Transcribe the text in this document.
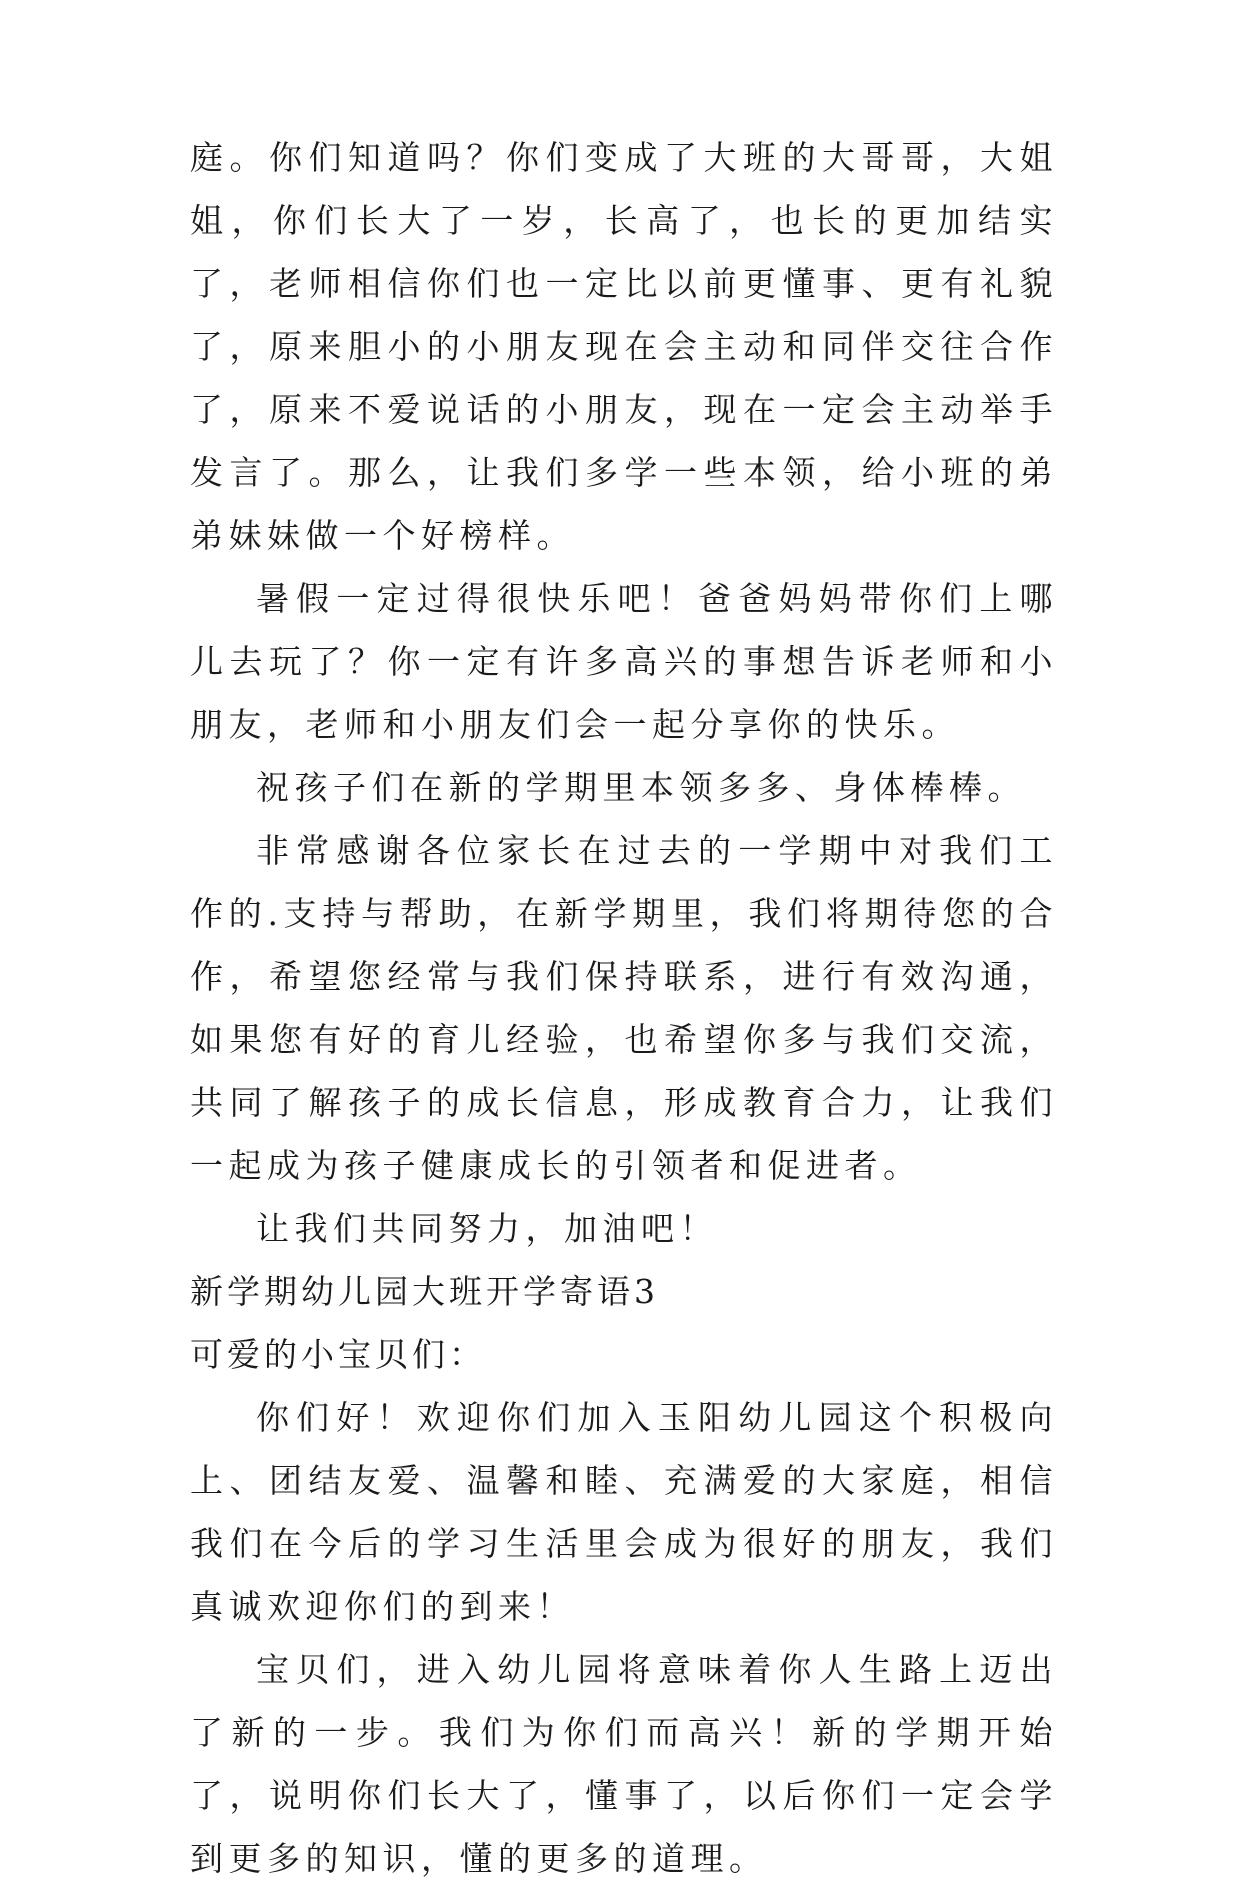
庭。你们知道吗？你们变成了大班的大哥哥，大姐姐，你们长大了一岁，长高了，也长的更加结实了，老师相信你们也一定比以前更懂事、更有礼貌了，原来胆小的小朋友现在会主动和同伴交往合作了，原来不爱说话的小朋友，现在一定会主动举手发言了。那么，让我们多学一些本领，给小班的弟弟妹妹做一个好榜样。

暑假一定过得很快乐吧！爸爸妈妈带你们上哪儿去玩了？你一定有许多高兴的事想告诉老师和小朋友，老师和小朋友们会一起分享你的快乐。

祝孩子们在新的学期里本领多多、身体棒棒。

非常感谢各位家长在过去的一学期中对我们工作的.支持与帮助，在新学期里，我们将期待您的合作，希望您经常与我们保持联系，进行有效沟通，如果您有好的育儿经验，也希望你多与我们交流，共同了解孩子的成长信息，形成教育合力，让我们一起成为孩子健康成长的引领者和促进者。

让我们共同努力，加油吧！

新学期幼儿园大班开学寄语3

可爱的小宝贝们：

你们好！欢迎你们加入玉阳幼儿园这个积极向上、团结友爱、温馨和睦、充满爱的大家庭，相信我们在今后的学习生活里会成为很好的朋友，我们真诚欢迎你们的到来！

宝贝们，进入幼儿园将意味着你人生路上迈出了新的一步。我们为你们而高兴！新的学期开始了，说明你们长大了，懂事了，以后你们一定会学到更多的知识，懂的更多的道理。
